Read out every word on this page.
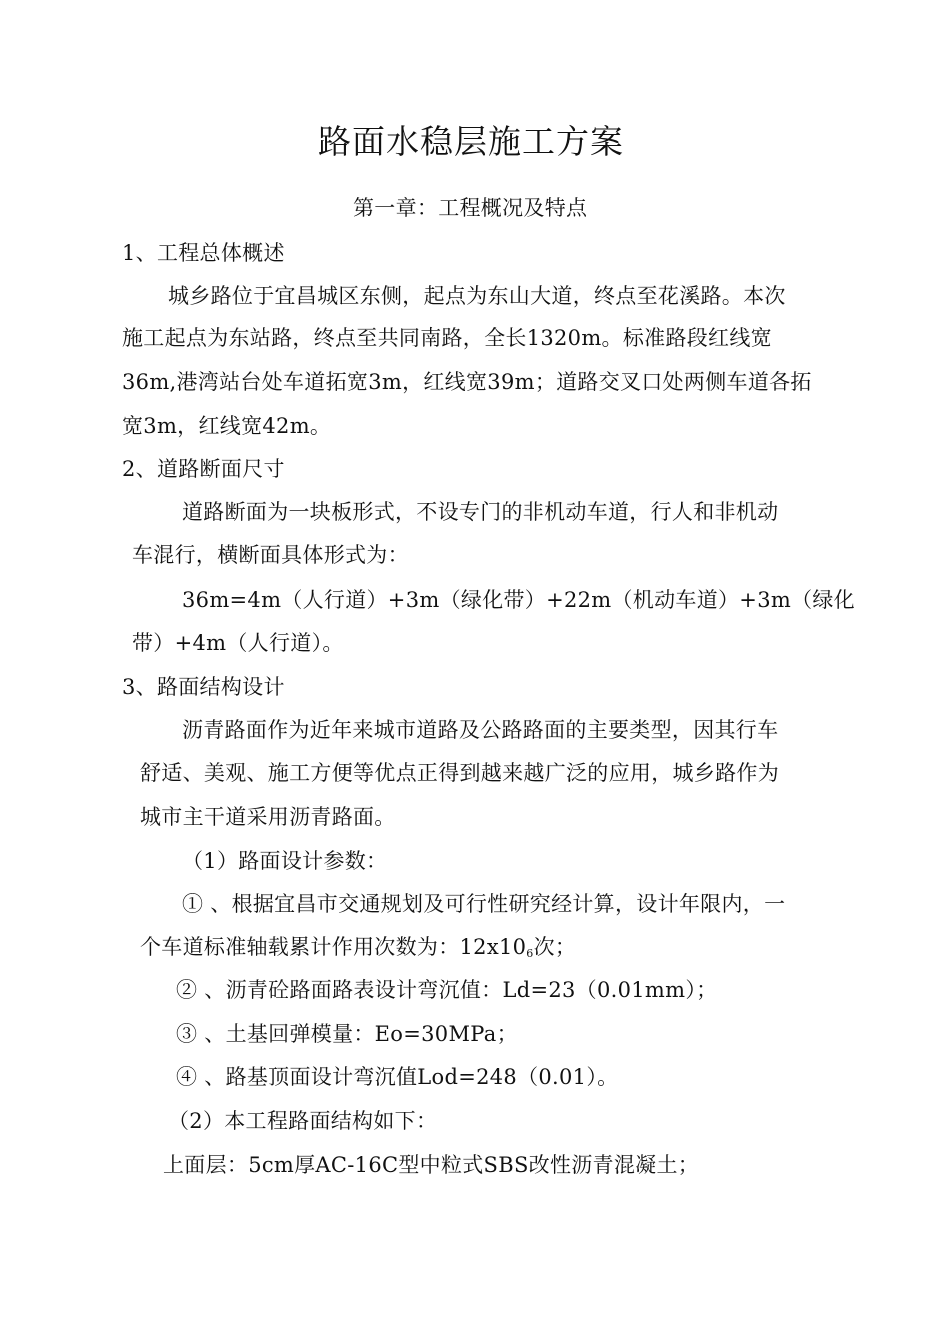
路面水稳层施工方案
第一章：工程概况及特点
1、工程总体概述
城乡路位于宜昌城区东侧，起点为东山大道，终点至花溪路。本次
施工起点为东站路，终点至共同南路，全长1320m。标准路段红线宽
36m,港湾站台处车道拓宽3m，红线宽39m；道路交叉口处两侧车道各拓
宽3m，红线宽42m。
2、道路断面尺寸
道路断面为一块板形式，不设专门的非机动车道，行人和非机动
车混行，横断面具体形式为：
36m=4m（人行道）+3m（绿化带）+22m（机动车道）+3m（绿化
带）+4m（人行道）。
3、路面结构设计
沥青路面作为近年来城市道路及公路路面的主要类型，因其行车
舒适、美观、施工方便等优点正得到越来越广泛的应用，城乡路作为
城市主干道采用沥青路面。
（1）路面设计参数：
① 、根据宜昌市交通规划及可行性研究经计算，设计年限内，一
个车道标准轴载累计作用次数为：$12x10_6$次；
② 、沥青砼路面路表设计弯沉值：Ld=23（0.01mm）；
③ 、土基回弹模量：Eo=30MPa；
④ 、路基顶面设计弯沉值Lod=248（0.01）。
（2）本工程路面结构如下：
上面层：5cm厚AC-16C型中粒式SBS改性沥青混凝土；
